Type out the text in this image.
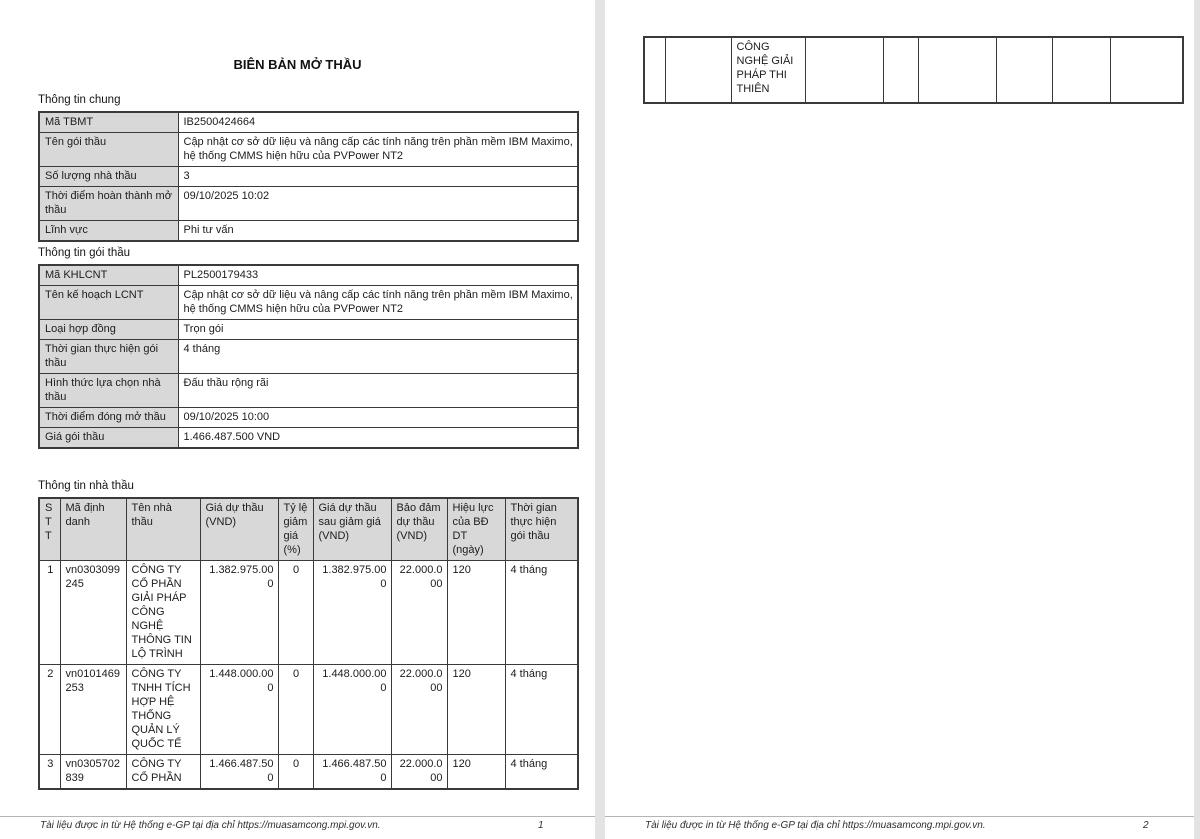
BIÊN BẢN MỞ THẦU
Thông tin chung
Mã TBMT	IB2500424664
Tên gói thầu	Cập nhật cơ sở dữ liệu và nâng cấp các tính năng trên phần mềm IBM Maximo, hệ thống CMMS hiện hữu của PVPower NT2
Số lượng nhà thầu	3
Thời điểm hoàn thành mở thầu	09/10/2025 10:02
Lĩnh vực	Phi tư vấn
Thông tin gói thầu
Mã KHLCNT	PL2500179433
Tên kế hoạch LCNT	Cập nhật cơ sở dữ liệu và nâng cấp các tính năng trên phần mềm IBM Maximo, hệ thống CMMS hiện hữu của PVPower NT2
Loại hợp đồng	Trọn gói
Thời gian thực hiện gói thầu	4 tháng
Hình thức lựa chọn nhà thầu	Đấu thầu rộng rãi
Thời điểm đóng mở thầu	09/10/2025 10:00
Giá gói thầu	1.466.487.500 VND
Thông tin nhà thầu
STT	Mã định danh	Tên nhà thầu	Giá dự thầu (VND)	Tỷ lệ giảm giá (%)	Giá dự thầu sau giảm giá (VND)	Bảo đảm dự thầu (VND)	Hiệu lực của BĐ DT (ngày)	Thời gian thực hiện gói thầu
1	vn0303099245	CÔNG TY CỔ PHẦN GIẢI PHÁP CÔNG NGHỆ THÔNG TIN LỘ TRÌNH	1.382.975.000	0	1.382.975.000	22.000.000	120	4 tháng
2	vn0101469253	CÔNG TY TNHH TÍCH HỢP HỆ THỐNG QUẢN LÝ QUỐC TẾ	1.448.000.000	0	1.448.000.000	22.000.000	120	4 tháng
3	vn0305702839	CÔNG TY CỔ PHẦN	1.466.487.500	0	1.466.487.500	22.000.000	120	4 tháng
Tài liệu được in từ Hệ thống e-GP tại địa chỉ https://muasamcong.mpi.gov.vn.	1
		CÔNG NGHỆ GIẢI PHÁP THI THIÊN						
Tài liệu được in từ Hệ thống e-GP tại địa chỉ https://muasamcong.mpi.gov.vn.	2
